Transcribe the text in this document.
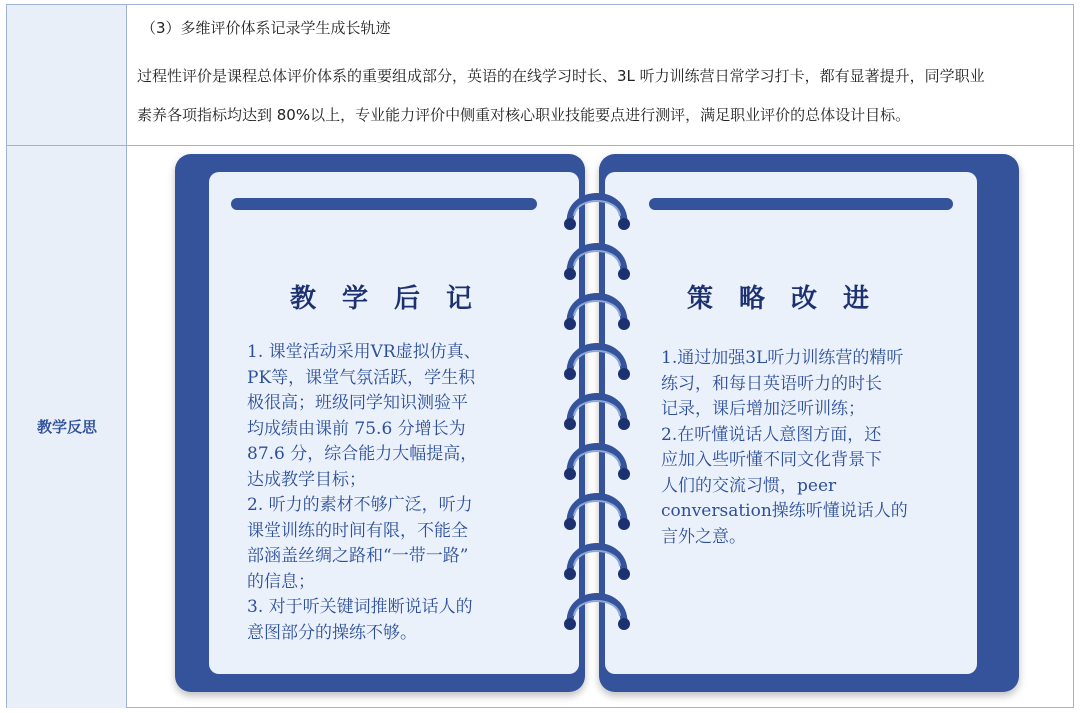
（3）多维评价体系记录学生成长轨迹
过程性评价是课程总体评价体系的重要组成部分，英语的在线学习时长、3L 听力训练营日常学习打卡，都有显著提升，同学职业
素养各项指标均达到 80%以上，专业能力评价中侧重对核心职业技能要点进行测评，满足职业评价的总体设计目标。
教学反思
教学后记
1. 课堂活动采用VR虚拟仿真、
PK等，课堂气氛活跃，学生积
极很高；班级同学知识测验平
均成绩由课前 75.6 分增长为
87.6 分，综合能力大幅提高，
达成教学目标；
2. 听力的素材不够广泛，听力
课堂训练的时间有限，不能全
部涵盖丝绸之路和“一带一路”
的信息；
3. 对于听关键词推断说话人的
意图部分的操练不够。
策略改进
1.通过加强3L听力训练营的精听
练习，和每日英语听力的时长
记录，课后增加泛听训练；
2.在听懂说话人意图方面，还
应加入些听懂不同文化背景下
人们的交流习惯，peer
conversation操练听懂说话人的
言外之意。
